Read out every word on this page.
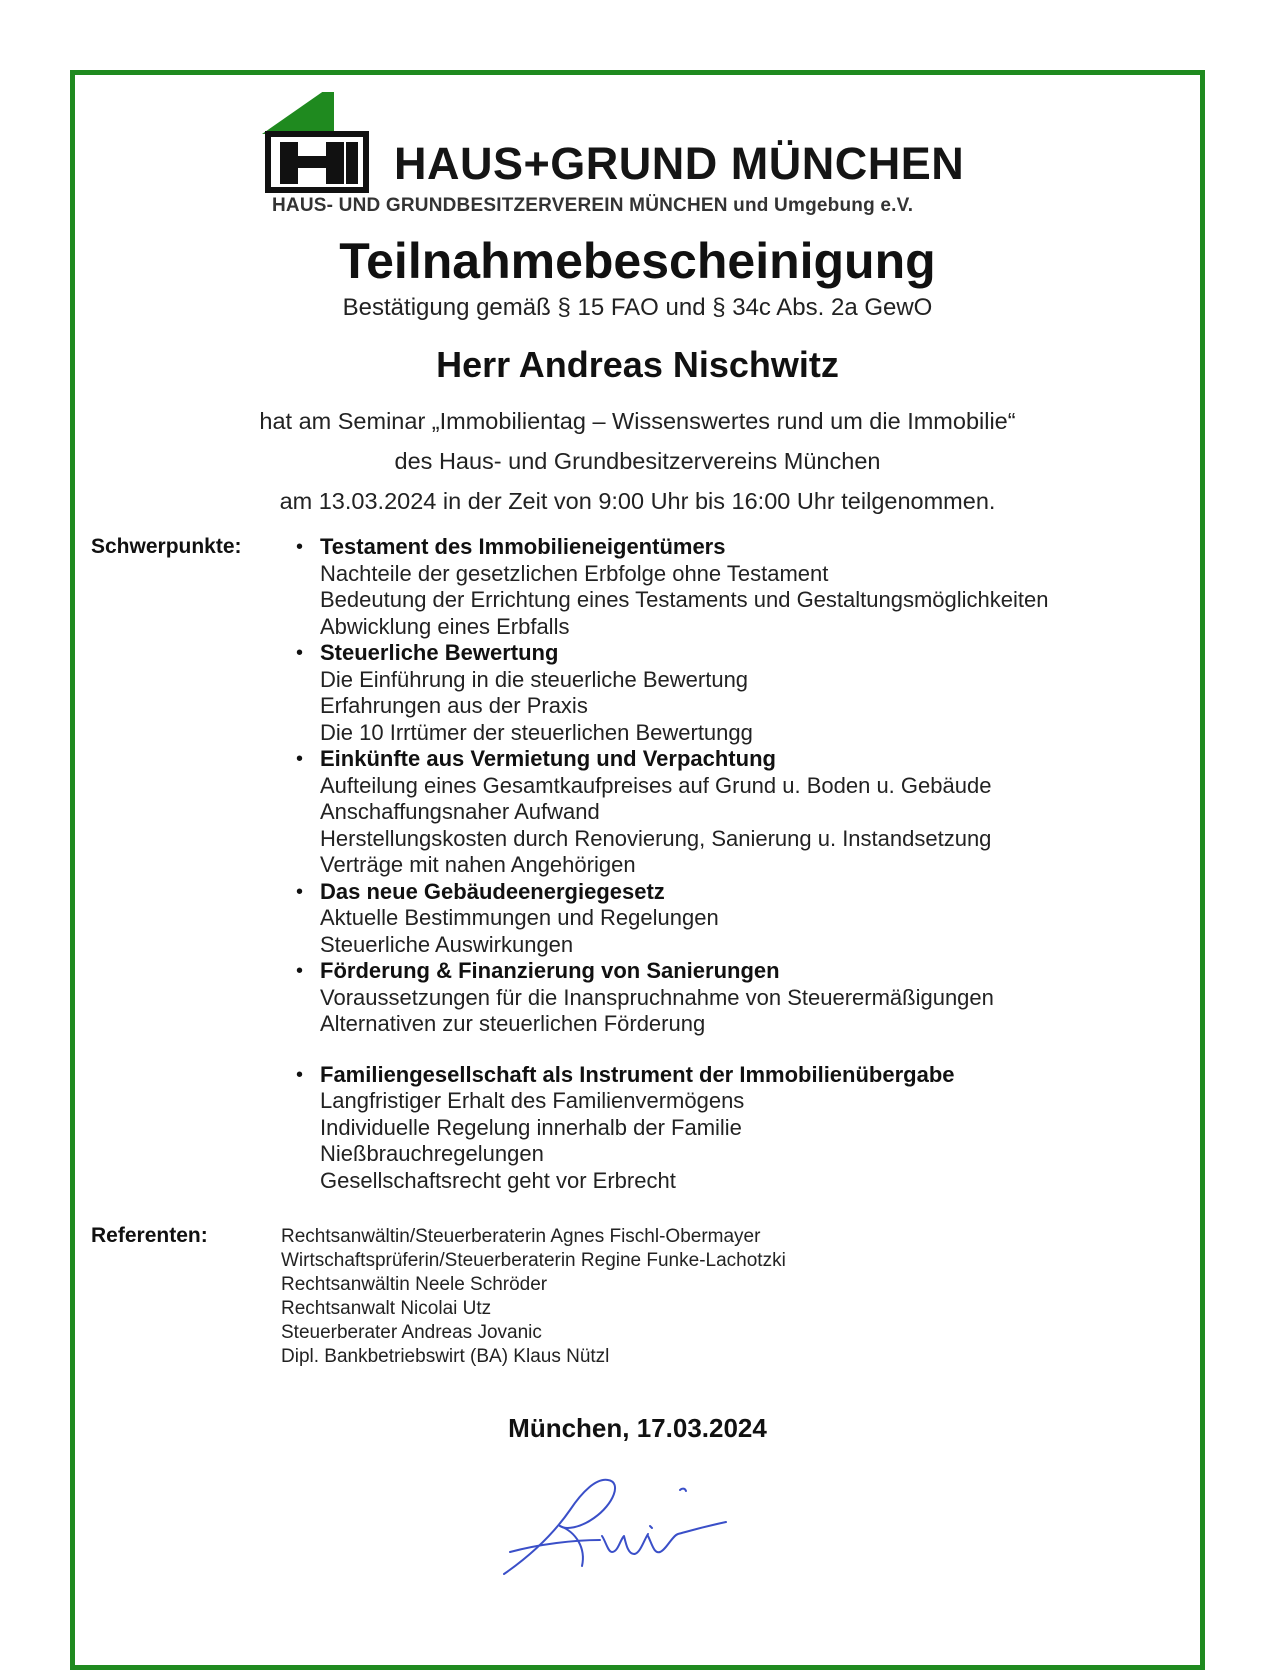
HAUS+GRUND MÜNCHEN
HAUS- UND GRUNDBESITZERVEREIN MÜNCHEN und Umgebung e.V.
Teilnahmebescheinigung
Bestätigung gemäß § 15 FAO und § 34c Abs. 2a GewO
Herr Andreas Nischwitz
hat am Seminar „Immobilientag – Wissenswertes rund um die Immobilie“
des Haus- und Grundbesitzervereins München
am 13.03.2024 in der Zeit von 9:00 Uhr bis 16:00 Uhr teilgenommen.
Schwerpunkte:	• Testament des Immobilieneigentümers
Nachteile der gesetzlichen Erbfolge ohne Testament
Bedeutung der Errichtung eines Testaments und Gestaltungsmöglichkeiten
Abwicklung eines Erbfalls
• Steuerliche Bewertung
Die Einführung in die steuerliche Bewertung
Erfahrungen aus der Praxis
Die 10 Irrtümer der steuerlichen Bewertungg
• Einkünfte aus Vermietung und Verpachtung
Aufteilung eines Gesamtkaufpreises auf Grund u. Boden u. Gebäude
Anschaffungsnaher Aufwand
Herstellungskosten durch Renovierung, Sanierung u. Instandsetzung
Verträge mit nahen Angehörigen
• Das neue Gebäudeenergiegesetz
Aktuelle Bestimmungen und Regelungen
Steuerliche Auswirkungen
• Förderung & Finanzierung von Sanierungen
Voraussetzungen für die Inanspruchnahme von Steuerermäßigungen
Alternativen zur steuerlichen Förderung
• Familiengesellschaft als Instrument der Immobilienübergabe
Langfristiger Erhalt des Familienvermögens
Individuelle Regelung innerhalb der Familie
Nießbrauchregelungen
Gesellschaftsrecht geht vor Erbrecht
Referenten:	Rechtsanwältin/Steuerberaterin Agnes Fischl-Obermayer
Wirtschaftsprüferin/Steuerberaterin Regine Funke-Lachotzki
Rechtsanwältin Neele Schröder
Rechtsanwalt Nicolai Utz
Steuerberater Andreas Jovanic
Dipl. Bankbetriebswirt (BA) Klaus Nützl
München, 17.03.2024
